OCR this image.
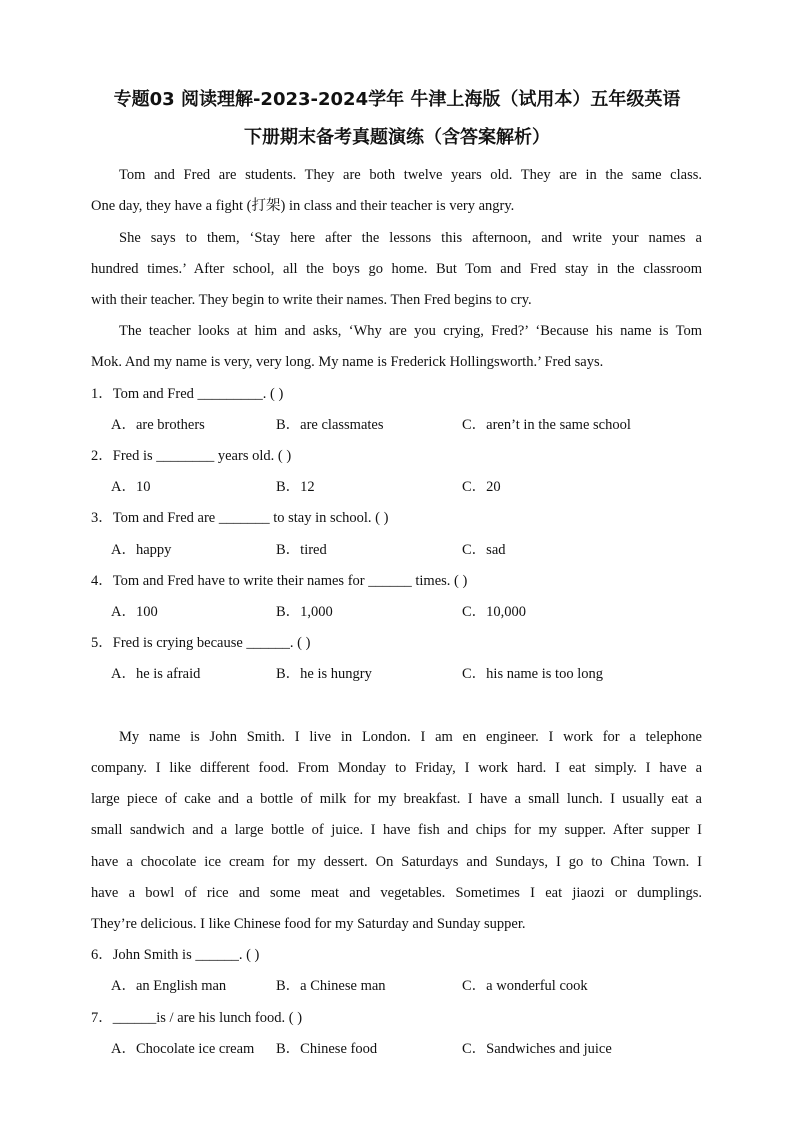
专题03 阅读理解-2023-2024学年 牛津上海版（试用本）五年级英语
下册期末备考真题演练（含答案解析）
Tom and Fred are students. They are both twelve years old. They are in the same class.
One day, they have a fight (打架) in class and their teacher is very angry.
She says to them, ‘Stay here after the lessons this afternoon, and write your names a
hundred times.’ After school, all the boys go home. But Tom and Fred stay in the classroom
with their teacher. They begin to write their names. Then Fred begins to cry.
The teacher looks at him and asks, ‘Why are you crying, Fred?’ ‘Because his name is Tom
Mok. And my name is very, very long. My name is Frederick Hollingsworth.’ Fred says.
1．Tom and Fred _________. ( )
A．are brothers	B．are classmates	C．aren’t in the same school
2．Fred is ________ years old. ( )
A．10	B．12	C．20
3．Tom and Fred are _______ to stay in school. ( )
A．happy	B．tired	C．sad
4．Tom and Fred have to write their names for ______ times. ( )
A．100	B．1,000	C．10,000
5．Fred is crying because ______. ( )
A．he is afraid	B．he is hungry	C．his name is too long
My name is John Smith. I live in London. I am en engineer. I work for a telephone
company. I like different food. From Monday to Friday, I work hard. I eat simply. I have a
large piece of cake and a bottle of milk for my breakfast. I have a small lunch. I usually eat a
small sandwich and a large bottle of juice. I have fish and chips for my supper. After supper I
have a chocolate ice cream for my dessert. On Saturdays and Sundays, I go to China Town. I
have a bowl of rice and some meat and vegetables. Sometimes I eat jiaozi or dumplings.
They’re delicious. I like Chinese food for my Saturday and Sunday supper.
6．John Smith is ______. ( )
A．an English man	B．a Chinese man	C．a wonderful cook
7．______is / are his lunch food. ( )
A．Chocolate ice cream B．Chinese food	C．Sandwiches and juice
